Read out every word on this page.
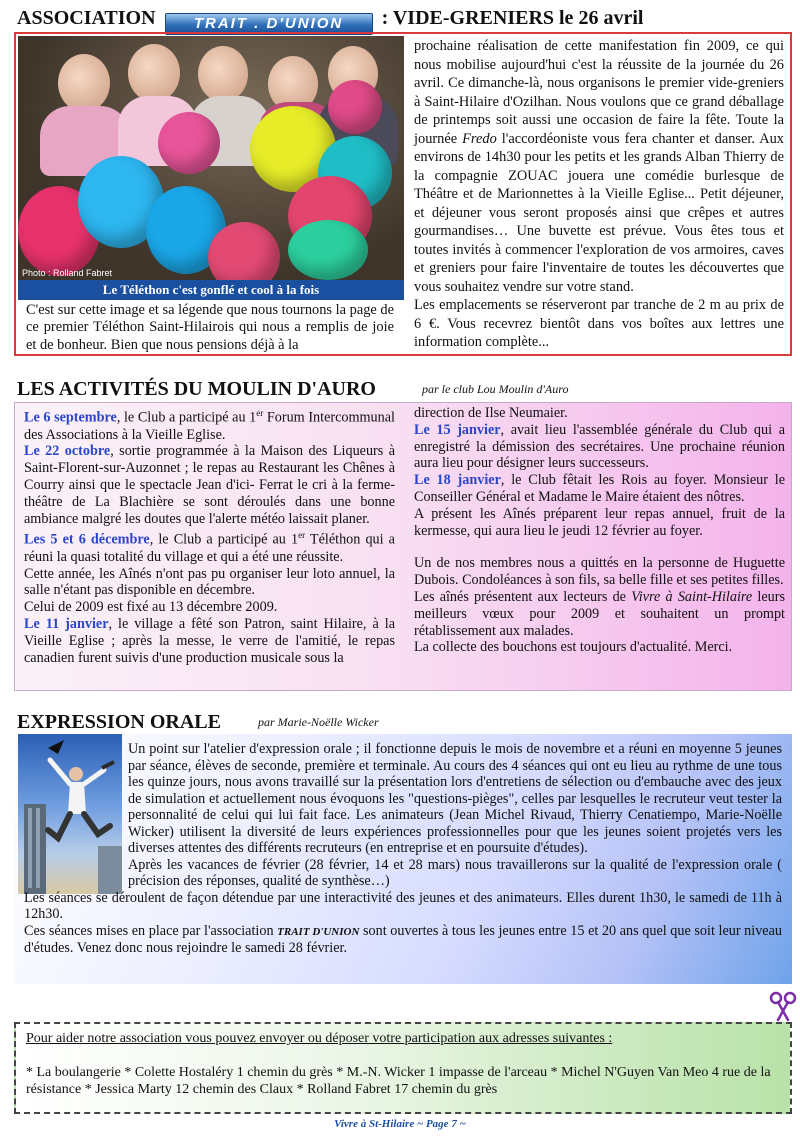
ASSOCIATION	TRAIT . D'UNION : VIDE-GRENIERS le 26 avril
Photo : Rolland Fabret
Le Téléthon c'est gonflé et cool à la fois
C'est sur cette image et sa légende que nous tournons la page de ce premier Téléthon Saint-Hilairois qui nous a remplis de joie et de bonheur. Bien que nous pensions déjà à la
prochaine réalisation de cette manifestation fin 2009, ce qui nous mobilise aujourd'hui c'est la réussite de la journée du 26 avril. Ce dimanche-là, nous organisons le premier vide-greniers à Saint-Hilaire d'Ozilhan. Nous voulons que ce grand déballage de printemps soit aussi une occasion de faire la fête. Toute la journée Fredo l'accordéoniste vous fera chanter et danser. Aux environs de 14h30 pour les petits et les grands Alban Thierry de la compagnie ZOUAC jouera une comédie burlesque de Théâtre et de Marionnettes à la Vieille Eglise... Petit déjeuner, et déjeuner vous seront proposés ainsi que crêpes et autres gourmandises… Une buvette est prévue. Vous êtes tous et toutes invités à commencer l'exploration de vos armoires, caves et greniers pour faire l'inventaire de toutes les découvertes que vous souhaitez vendre sur votre stand.
Les emplacements se réserveront par tranche de 2 m au prix de 6 €. Vous recevrez bientôt dans vos boîtes aux lettres une information complète...
LES ACTIVITÉS DU MOULIN D'AURO	par le club Lou Moulin d'Auro

Le 6 septembre, le Club a participé au 1er Forum Intercommunal des Associations à la Vieille Eglise.

Le 22 octobre, sortie programmée à la Maison des Liqueurs à Saint-Florent-sur-Auzonnet ; le repas au Restaurant les Chênes à Courry ainsi que le spectacle Jean d'ici- Ferrat le cri à la ferme-théâtre de La Blachière se sont déroulés dans une bonne ambiance malgré les doutes que l'alerte météo laissait planer.

Les 5 et 6 décembre, le Club a participé au 1er Téléthon qui a réuni la quasi totalité du village et qui a été une réussite.

Cette année, les Aînés n'ont pas pu organiser leur loto annuel, la salle n'étant pas disponible en décembre.

Celui de 2009 est fixé au 13 décembre 2009.

Le 11 janvier, le village a fêté son Patron, saint Hilaire, à la Vieille Eglise ; après la messe, le verre de l'amitié, le repas canadien furent suivis d'une production musicale sous la

direction de Ilse Neumaier.

Le 15 janvier, avait lieu l'assemblée générale du Club qui a enregistré la démission des secrétaires. Une prochaine réunion aura lieu pour désigner leurs successeurs.

Le 18 janvier, le Club fêtait les Rois au foyer. Monsieur le Conseiller Général et Madame le Maire étaient des nôtres.

A présent les Aînés préparent leur repas annuel, fruit de la kermesse, qui aura lieu le jeudi 12 février au foyer.

Un de nos membres nous a quittés en la personne de Huguette Dubois. Condoléances à son fils, sa belle fille et ses petites filles.

Les aînés présentent aux lecteurs de Vivre à Saint-Hilaire leurs meilleurs vœux pour 2009 et souhaitent un prompt rétablissement aux malades.

La collecte des bouchons est toujours d'actualité. Merci.

EXPRESSION ORALE	par Marie-Noëlle Wicker

Un point sur l'atelier d'expression orale ; il fonctionne depuis le mois de novembre et a réuni en moyenne 5 jeunes par séance, élèves de seconde, première et terminale. Au cours des 4 séances qui ont eu lieu au rythme de une tous les quinze jours, nous avons travaillé sur la présentation lors d'entretiens de sélection ou d'embauche avec des jeux de simulation et actuellement nous évoquons les "questions-pièges", celles par lesquelles le recruteur veut tester la personnalité de celui qui lui fait face. Les animateurs (Jean Michel Rivaud, Thierry Cenatiempo, Marie-Noëlle Wicker) utilisent la diversité de leurs expériences professionnelles pour que les jeunes soient projetés vers les diverses attentes des différents recruteurs (en entreprise et en poursuite d'études).

Après les vacances de février (28 février, 14 et 28 mars) nous travaillerons sur la qualité de l'expression orale ( précision des réponses, qualité de synthèse…)

Les séances se déroulent de façon détendue par une interactivité des jeunes et des animateurs. Elles durent 1h30, le samedi de 11h à 12h30.

Ces séances mises en place par l'association TRAIT D'UNION sont ouvertes à tous les jeunes entre 15 et 20 ans quel que soit leur niveau d'études. Venez donc nous rejoindre le samedi 28 février.

Pour aider notre association vous pouvez envoyer ou déposer votre participation aux adresses suivantes :
* La boulangerie * Colette Hostaléry 1 chemin du grès * M.-N. Wicker 1 impasse de l'arceau * Michel N'Guyen Van Meo 4 rue de la résistance * Jessica Marty 12 chemin des Claux * Rolland Fabret 17 chemin du grès
Vivre à St-Hilaire ~ Page 7 ~
